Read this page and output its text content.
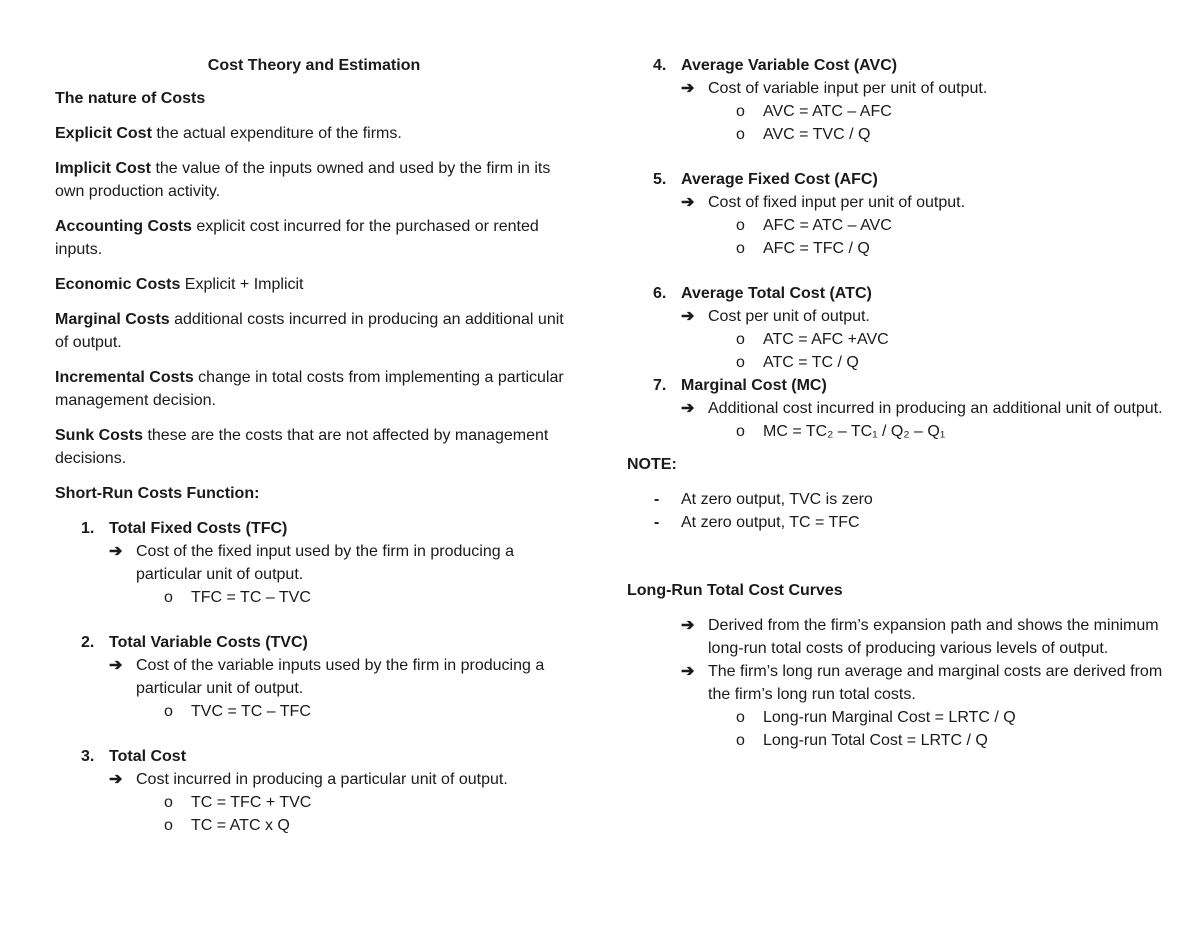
Cost Theory and Estimation
The nature of Costs
Explicit Cost the actual expenditure of the firms.
Implicit Cost the value of the inputs owned and used by the firm in its own production activity.
Accounting Costs explicit cost incurred for the purchased or rented inputs.
Economic Costs Explicit + Implicit
Marginal Costs additional costs incurred in producing an additional unit of output.
Incremental Costs change in total costs from implementing a particular management decision.
Sunk Costs these are the costs that are not affected by management decisions.
Short-Run Costs Function:
1. Total Fixed Costs (TFC)
➔ Cost of the fixed input used by the firm in producing a particular unit of output.
o TFC = TC – TVC
2. Total Variable Costs (TVC)
➔ Cost of the variable inputs used by the firm in producing a particular unit of output.
o TVC = TC – TFC
3. Total Cost
➔ Cost incurred in producing a particular unit of output.
o TC = TFC + TVC
o TC = ATC x Q
4. Average Variable Cost (AVC)
➔ Cost of variable input per unit of output.
o AVC = ATC – AFC
o AVC = TVC / Q
5. Average Fixed Cost (AFC)
➔ Cost of fixed input per unit of output.
o AFC = ATC – AVC
o AFC = TFC / Q
6. Average Total Cost (ATC)
➔ Cost per unit of output.
o ATC = AFC +AVC
o ATC = TC / Q
7. Marginal Cost (MC)
➔ Additional cost incurred in producing an additional unit of output.
o MC = TC₂ – TC₁ / Q₂ – Q₁
NOTE:
- At zero output, TVC is zero
- At zero output, TC = TFC
Long-Run Total Cost Curves
➔ Derived from the firm’s expansion path and shows the minimum long-run total costs of producing various levels of output.
➔ The firm’s long run average and marginal costs are derived from the firm’s long run total costs.
o Long-run Marginal Cost = LRTC / Q
o Long-run Total Cost = LRTC / Q
